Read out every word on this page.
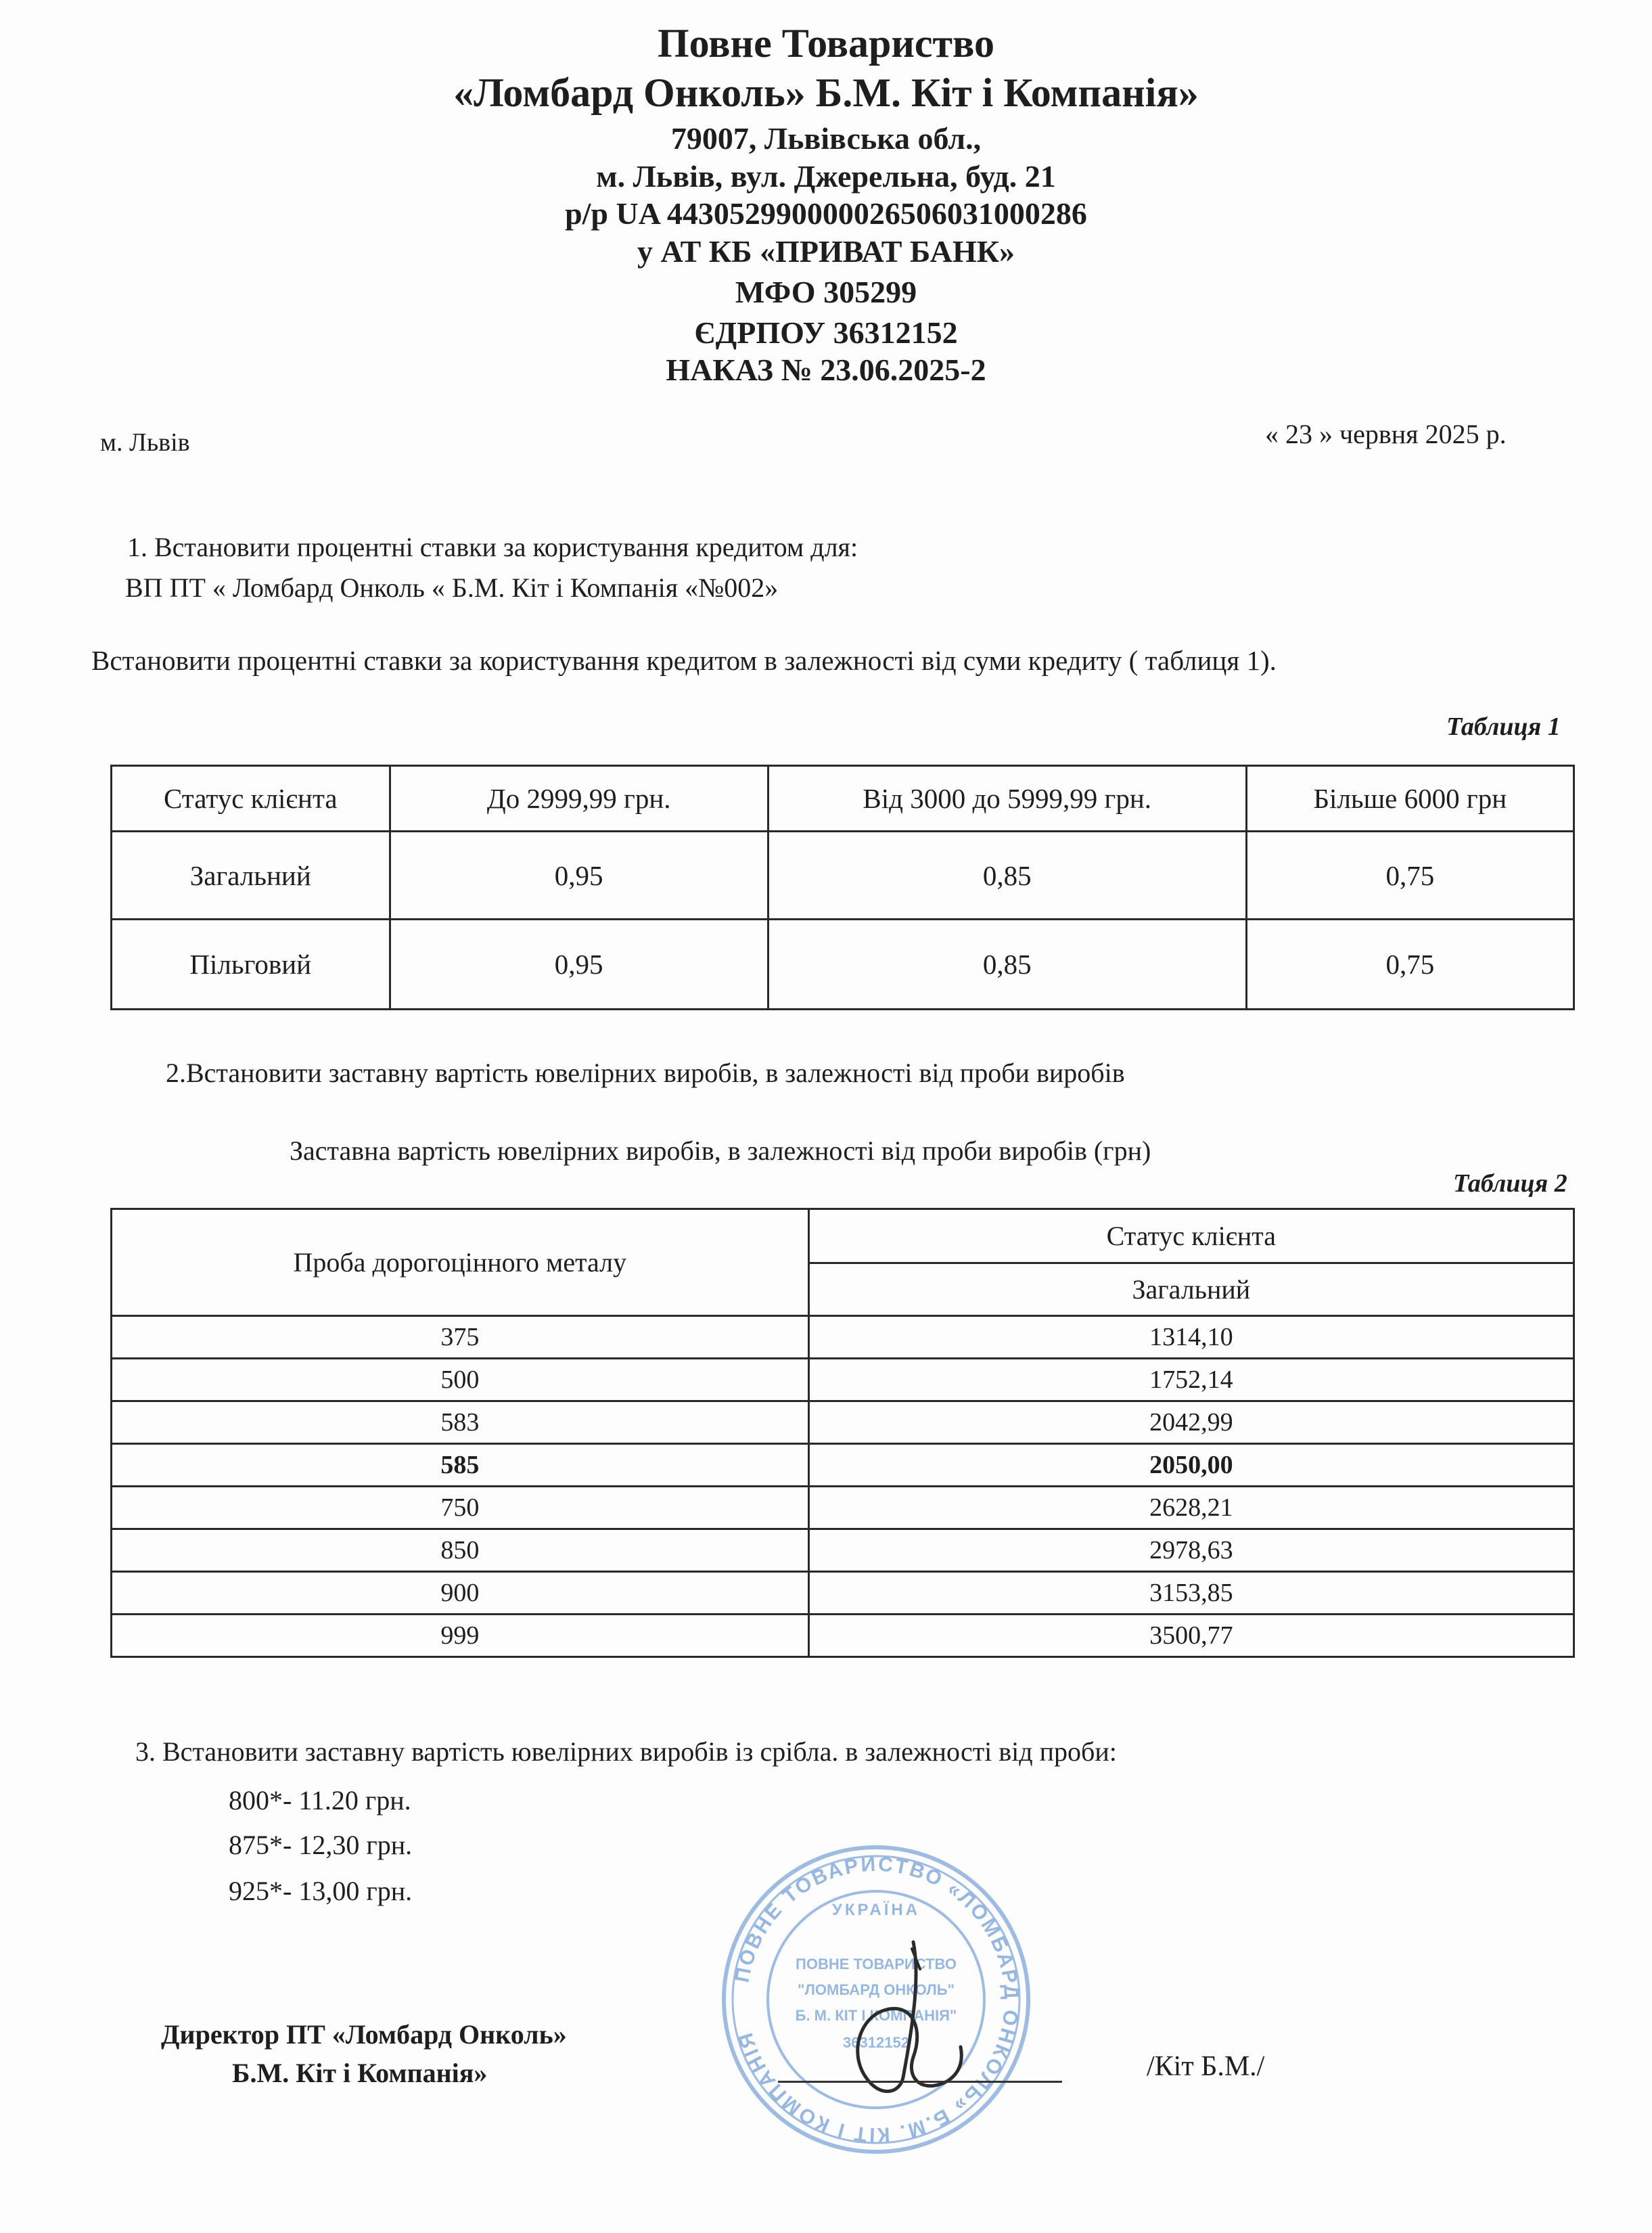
Повне Товариство
«Ломбард Онколь» Б.М. Кіт і Компанія»
79007, Львівська обл.,
м. Львів, вул. Джерельна, буд. 21
р/р UA 443052990000026506031000286
у АТ КБ «ПРИВАТ БАНК»
МФО 305299
ЄДРПОУ 36312152
НАКАЗ № 23.06.2025-2
м. Львів	« 23 » червня 2025 р.
1. Встановити процентні ставки за користування кредитом для:
ВП ПТ « Ломбард Онколь « Б.М. Кіт і Компанія «№002»
Встановити процентні ставки за користування кредитом в залежності від суми кредиту ( таблиця 1).
Таблиця 1
Статус клієнта	До 2999,99 грн.	Від 3000 до 5999,99 грн.	Більше 6000 грн
Загальний	0,95	0,85	0,75
Пільговий	0,95	0,85	0,75
2.Встановити заставну вартість ювелірних виробів, в залежності від проби виробів
Заставна вартість ювелірних виробів, в залежності від проби виробів (грн)
Таблиця 2
Проба дорогоцінного металу	Статус клієнта
	Загальний
375	1314,10
500	1752,14
583	2042,99
585	2050,00
750	2628,21
850	2978,63
900	3153,85
999	3500,77
3. Встановити заставну вартість ювелірних виробів із срібла. в залежності від проби:
800*- 11.20 грн.
875*- 12,30 грн.
925*- 13,00 грн.
ПОВНЕ ТОВАРИСТВО «ЛОМБАРД ОНКОЛЬ» Б.М. КІТ І КОМПАНІЯ
УКРАЇНА
ПОВНЕ ТОВАРИСТВО
"ЛОМБАРД ОНКОЛЬ"
Б. М. КІТ І КОМПАНІЯ"
36312152
Директор ПТ «Ломбард Онколь»
Б.М. Кіт і Компанія»	/Кіт Б.М./
